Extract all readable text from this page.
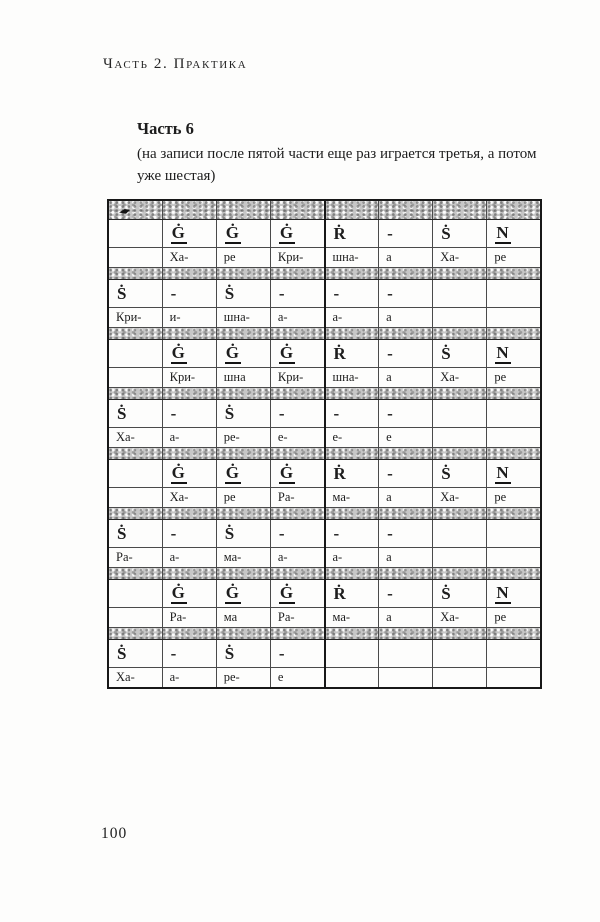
Часть 2. Практика
Часть 6
(на записи после пятой части еще раз играется третья, а потом
уже шестая)

	Ġ	Ġ	Ġ	Ṙ	-	Ṡ	N
	Ха-	ре	Кри-	шна-	а	Ха-	ре

Ṡ	-	Ṡ	-	-	-		
Кри-	и-	шна-	а-	а-	а		

	Ġ	Ġ	Ġ	Ṙ	-	Ṡ	N
	Кри-	шна	Кри-	шна-	а	Ха-	ре

Ṡ	-	Ṡ	-	-	-		
Ха-	а-	ре-	е-	е-	е		

	Ġ	Ġ	Ġ	Ṙ	-	Ṡ	N
	Ха-	ре	Ра-	ма-	а	Ха-	ре

Ṡ	-	Ṡ	-	-	-		
Ра-	а-	ма-	а-	а-	а		

	Ġ	Ġ	Ġ	Ṙ	-	Ṡ	N
	Ра-	ма	Ра-	ма-	а	Ха-	ре

Ṡ	-	Ṡ	-				
Ха-	а-	ре-	е				
100
